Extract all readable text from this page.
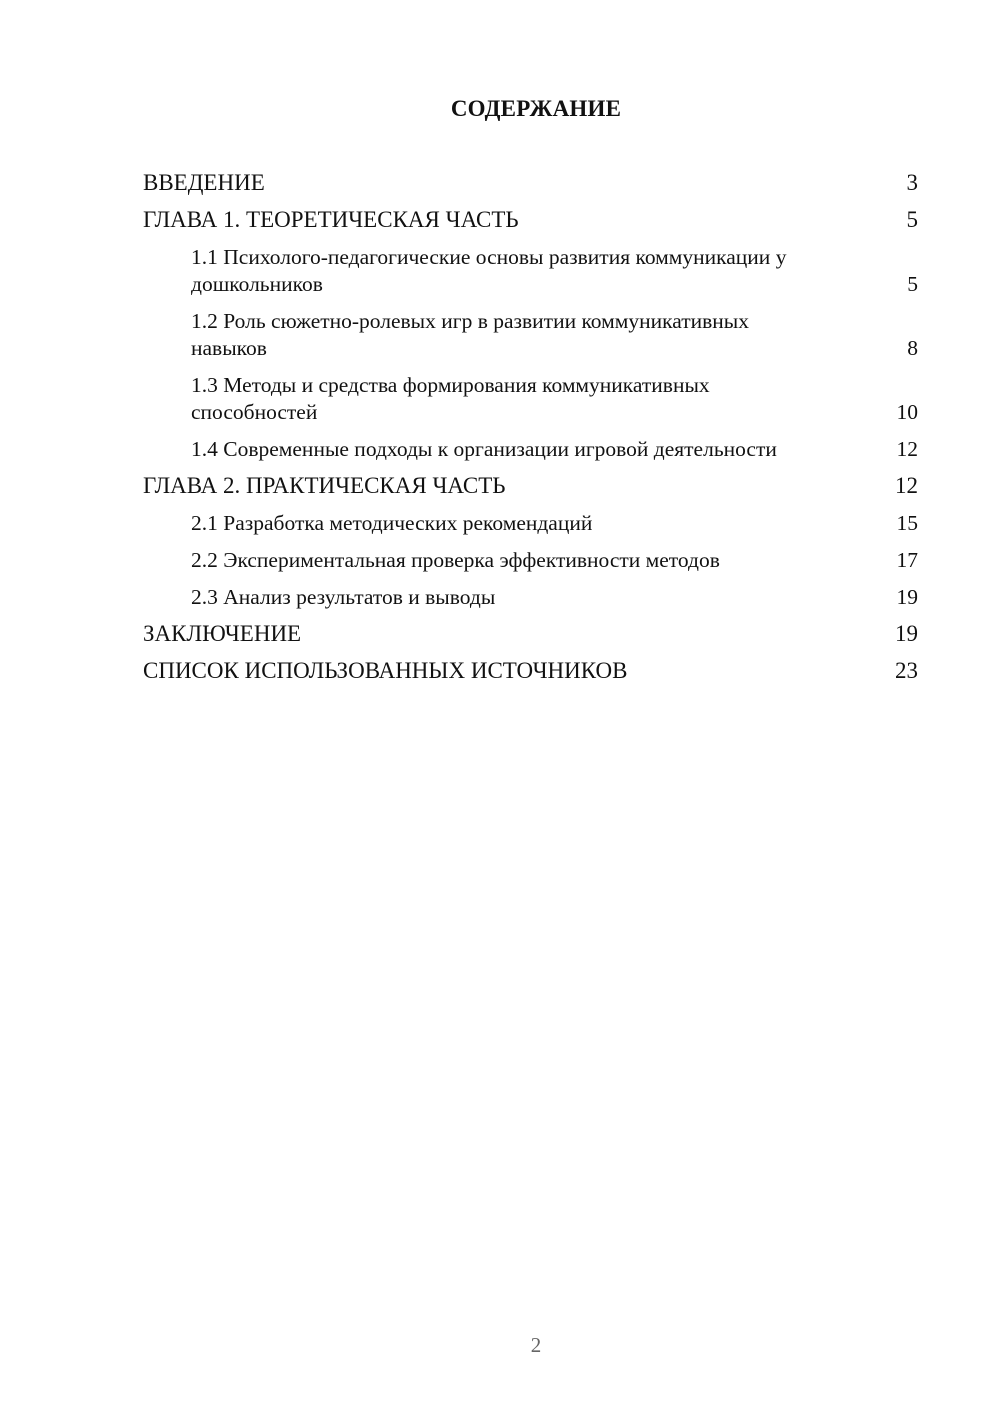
СОДЕРЖАНИЕ
ВВЕДЕНИЕ	3
ГЛАВА 1. ТЕОРЕТИЧЕСКАЯ ЧАСТЬ	5
1.1 Психолого-педагогические основы развития коммуникации у дошкольников	5
1.2 Роль сюжетно-ролевых игр в развитии коммуникативных навыков	8
1.3 Методы и средства формирования коммуникативных способностей	10
1.4 Современные подходы к организации игровой деятельности	12
ГЛАВА 2. ПРАКТИЧЕСКАЯ ЧАСТЬ	12
2.1 Разработка методических рекомендаций	15
2.2 Экспериментальная проверка эффективности методов	17
2.3 Анализ результатов и выводы	19
ЗАКЛЮЧЕНИЕ	19
СПИСОК ИСПОЛЬЗОВАННЫХ ИСТОЧНИКОВ	23
2
